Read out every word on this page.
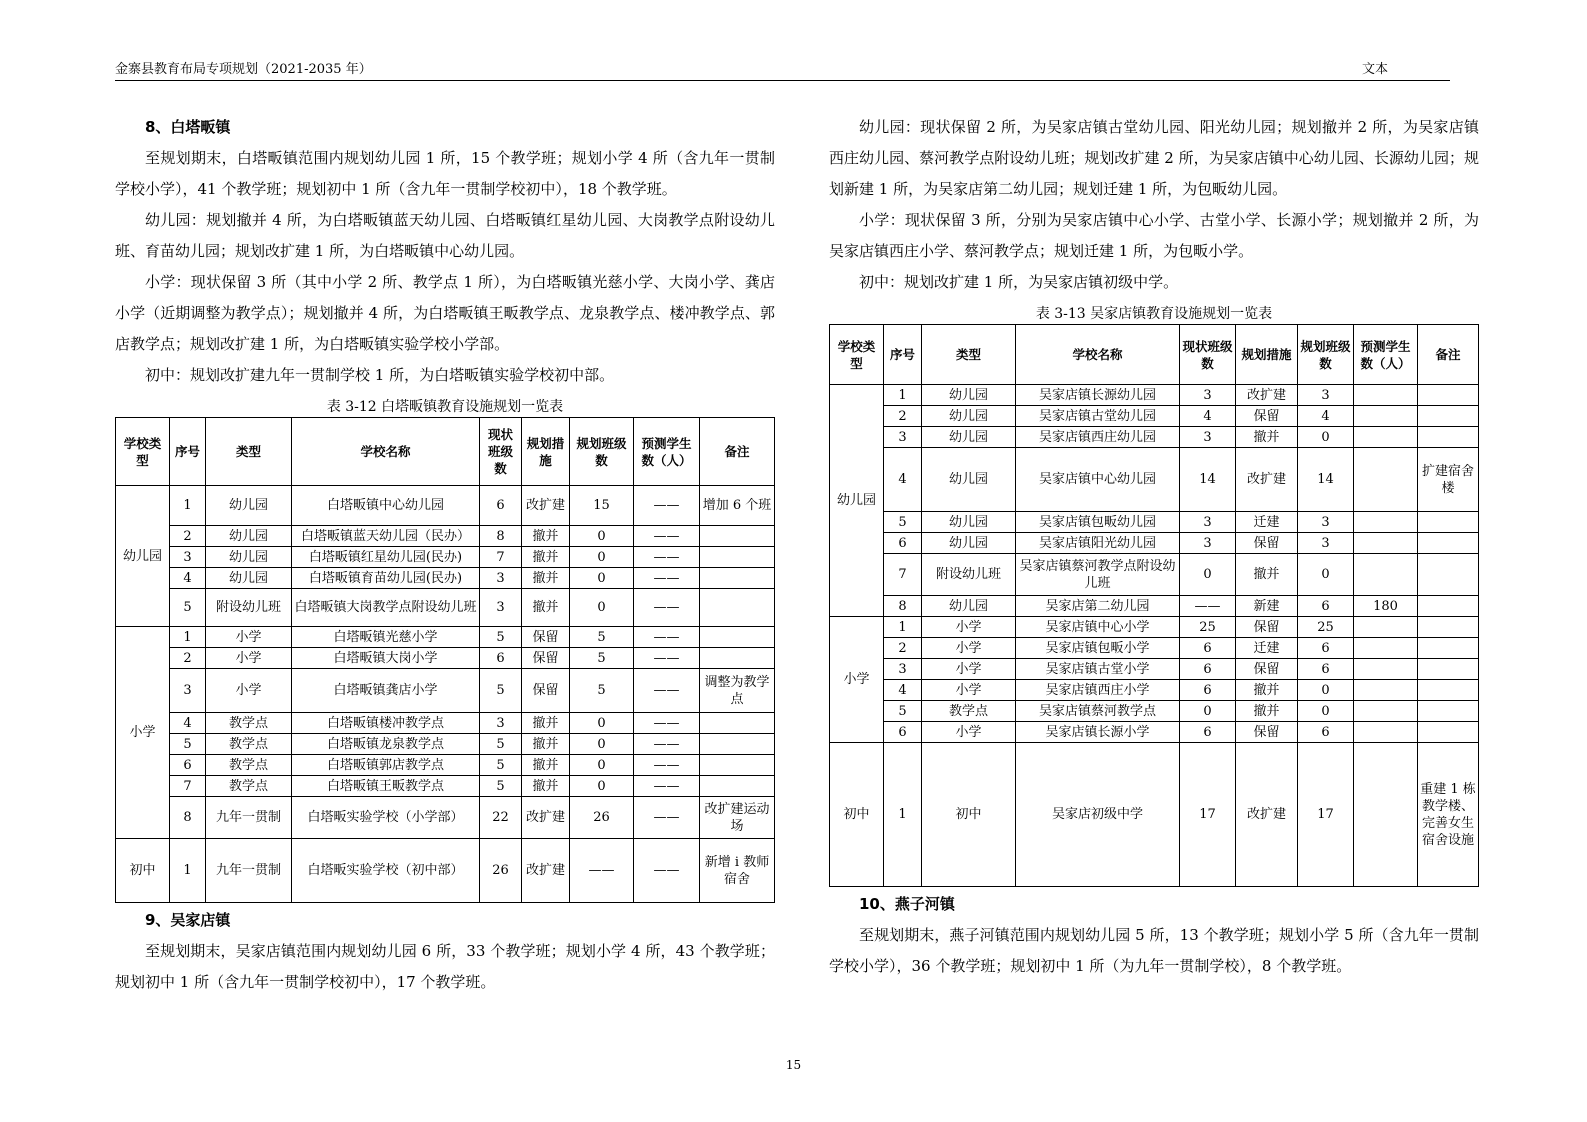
金寨县教育布局专项规划（2021-2035 年）	文本
8、白塔畈镇

至规划期末，白塔畈镇范围内规划幼儿园 1 所，15 个教学班；规划小学 4 所（含九年一贯制学校小学），41 个教学班；规划初中 1 所（含九年一贯制学校初中），18 个教学班。

幼儿园：规划撤并 4 所，为白塔畈镇蓝天幼儿园、白塔畈镇红星幼儿园、大岗教学点附设幼儿班、育苗幼儿园；规划改扩建 1 所，为白塔畈镇中心幼儿园。

小学：现状保留 3 所（其中小学 2 所、教学点 1 所），为白塔畈镇光慈小学、大岗小学、龚店小学（近期调整为教学点）；规划撤并 4 所，为白塔畈镇王畈教学点、龙泉教学点、楼冲教学点、郭店教学点；规划改扩建 1 所，为白塔畈镇实验学校小学部。

初中：规划改扩建九年一贯制学校 1 所，为白塔畈镇实验学校初中部。

表 3-12 白塔畈镇教育设施规划一览表
学校类型	序号	类型	学校名称	现状班级数	规划措施	规划班级数	预测学生数（人）	备注
幼儿园	1	幼儿园	白塔畈镇中心幼儿园	6	改扩建	15	——	增加 6 个班
	2	幼儿园	白塔畈镇蓝天幼儿园（民办）	8	撤并	0	——	
	3	幼儿园	白塔畈镇红星幼儿园(民办)	7	撤并	0	——	
	4	幼儿园	白塔畈镇育苗幼儿园(民办)	3	撤并	0	——	
	5	附设幼儿班	白塔畈镇大岗教学点附设幼儿班	3	撤并	0	——	
小学	1	小学	白塔畈镇光慈小学	5	保留	5	——	
	2	小学	白塔畈镇大岗小学	6	保留	5	——	
	3	小学	白塔畈镇龚店小学	5	保留	5	——	调整为教学点
	4	教学点	白塔畈镇楼冲教学点	3	撤并	0	——	
	5	教学点	白塔畈镇龙泉教学点	5	撤并	0	——	
	6	教学点	白塔畈镇郭店教学点	5	撤并	0	——	
	7	教学点	白塔畈镇王畈教学点	5	撤并	0	——	
	8	九年一贯制	白塔畈实验学校（小学部）	22	改扩建	26	——	改扩建运动场
初中	1	九年一贯制	白塔畈实验学校（初中部）	26	改扩建	——	——	新增 i 教师宿舍
9、吴家店镇

至规划期末，吴家店镇范围内规划幼儿园 6 所，33 个教学班；规划小学 4 所，43 个教学班；规划初中 1 所（含九年一贯制学校初中），17 个教学班。

幼儿园：现状保留 2 所，为吴家店镇古堂幼儿园、阳光幼儿园；规划撤并 2 所，为吴家店镇西庄幼儿园、蔡河教学点附设幼儿班；规划改扩建 2 所，为吴家店镇中心幼儿园、长源幼儿园；规划新建 1 所，为吴家店第二幼儿园；规划迁建 1 所，为包畈幼儿园。

小学：现状保留 3 所，分别为吴家店镇中心小学、古堂小学、长源小学；规划撤并 2 所，为吴家店镇西庄小学、蔡河教学点；规划迁建 1 所，为包畈小学。

初中：规划改扩建 1 所，为吴家店镇初级中学。

表 3-13 吴家店镇教育设施规划一览表
学校类型	序号	类型	学校名称	现状班级数	规划措施	规划班级数	预测学生数（人）	备注
幼儿园	1	幼儿园	吴家店镇长源幼儿园	3	改扩建	3		
	2	幼儿园	吴家店镇古堂幼儿园	4	保留	4		
	3	幼儿园	吴家店镇西庄幼儿园	3	撤并	0		
	4	幼儿园	吴家店镇中心幼儿园	14	改扩建	14		扩建宿舍楼
	5	幼儿园	吴家店镇包畈幼儿园	3	迁建	3		
	6	幼儿园	吴家店镇阳光幼儿园	3	保留	3		
	7	附设幼儿班	吴家店镇蔡河教学点附设幼儿班	0	撤并	0		
	8	幼儿园	吴家店第二幼儿园	——	新建	6	180	
小学	1	小学	吴家店镇中心小学	25	保留	25		
	2	小学	吴家店镇包畈小学	6	迁建	6		
	3	小学	吴家店镇古堂小学	6	保留	6		
	4	小学	吴家店镇西庄小学	6	撤并	0		
	5	教学点	吴家店镇蔡河教学点	0	撤并	0		
	6	小学	吴家店镇长源小学	6	保留	6		
初中	1	初中	吴家店初级中学	17	改扩建	17		重建 1 栋教学楼、完善女生宿舍设施
10、燕子河镇

至规划期末，燕子河镇范围内规划幼儿园 5 所，13 个教学班；规划小学 5 所（含九年一贯制学校小学），36 个教学班；规划初中 1 所（为九年一贯制学校），8 个教学班。

15
